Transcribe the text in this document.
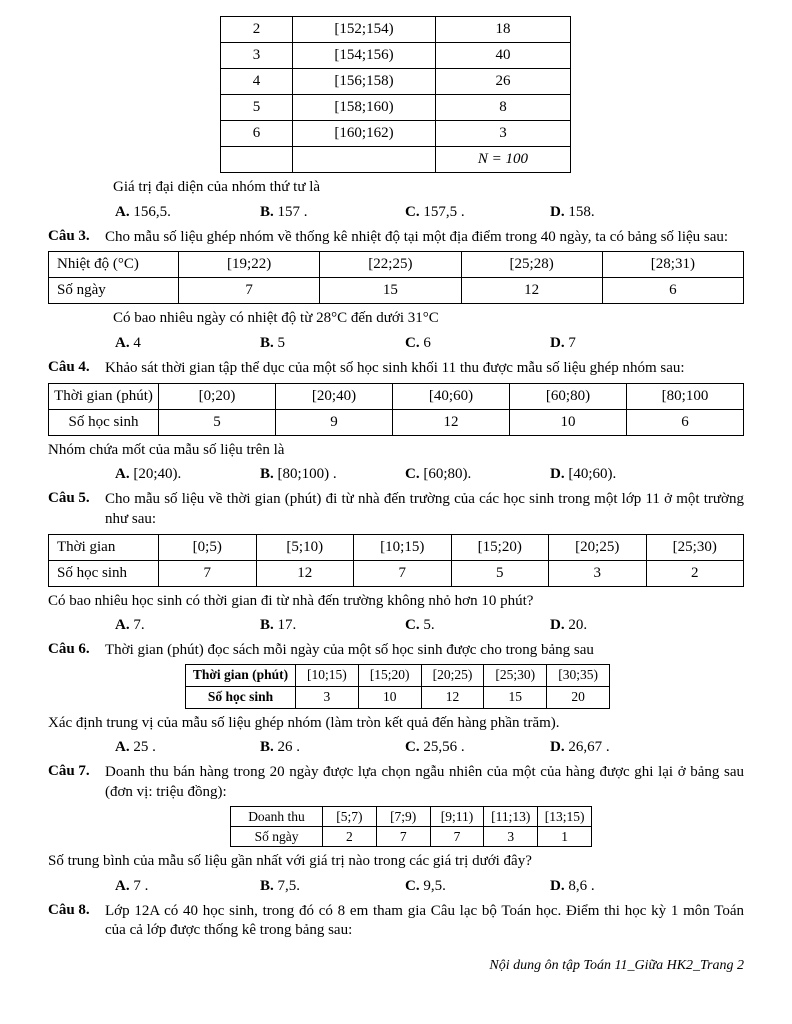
2	[152;154)	18
3	[154;156)	40
4	[156;158)	26
5	[158;160)	8
6	[160;162)	3
		N = 100
Giá trị đại diện của nhóm thứ tư là
A. 156,5.	B. 157 .	C. 157,5 .	D. 158.
Câu 3. Cho mẫu số liệu ghép nhóm về thống kê nhiệt độ tại một địa điểm trong 40 ngày, ta có bảng số liệu sau:
Nhiệt độ (°C)	[19;22)	[22;25)	[25;28)	[28;31)
Số ngày	7	15	12	6
Có bao nhiêu ngày có nhiệt độ từ 28°C đến dưới 31°C
A. 4	B. 5	C. 6	D. 7
Câu 4. Khảo sát thời gian tập thể dục của một số học sinh khối 11 thu được mẫu số liệu ghép nhóm sau:
Thời gian (phút)	[0;20)	[20;40)	[40;60)	[60;80)	[80;100
Số học sinh	5	9	12	10	6
Nhóm chứa mốt của mẫu số liệu trên là
A. [20;40).	B. [80;100) .	C. [60;80).	D. [40;60).
Câu 5. Cho mẫu số liệu về thời gian (phút) đi từ nhà đến trường của các học sinh trong một lớp 11 ở một trường như sau:
Thời gian	[0;5)	[5;10)	[10;15)	[15;20)	[20;25)	[25;30)
Số học sinh	7	12	7	5	3	2
Có bao nhiêu học sinh có thời gian đi từ nhà đến trường không nhỏ hơn 10 phút?
A. 7.	B. 17.	C. 5.	D. 20.
Câu 6. Thời gian (phút) đọc sách mỗi ngày của một số học sinh được cho trong bảng sau
Thời gian (phút)	[10;15)	[15;20)	[20;25)	[25;30)	[30;35)
Số học sinh	3	10	12	15	20
Xác định trung vị của mẫu số liệu ghép nhóm (làm tròn kết quả đến hàng phần trăm).
A. 25 .	B. 26 .	C. 25,56 .	D. 26,67 .
Câu 7. Doanh thu bán hàng trong 20 ngày được lựa chọn ngẫu nhiên của một của hàng được ghi lại ở bảng sau (đơn vị: triệu đồng):
Doanh thu	[5;7)	[7;9)	[9;11)	[11;13)	[13;15)
Số ngày	2	7	7	3	1
Số trung bình của mẫu số liệu gần nhất với giá trị nào trong các giá trị dưới đây?
A. 7 .	B. 7,5.	C. 9,5.	D. 8,6 .
Câu 8. Lớp 12A có 40 học sinh, trong đó có 8 em tham gia Câu lạc bộ Toán học. Điểm thi học kỳ 1 môn Toán của cả lớp được thống kê trong bảng sau:
Nội dung ôn tập Toán 11_Giữa HK2_Trang 2
